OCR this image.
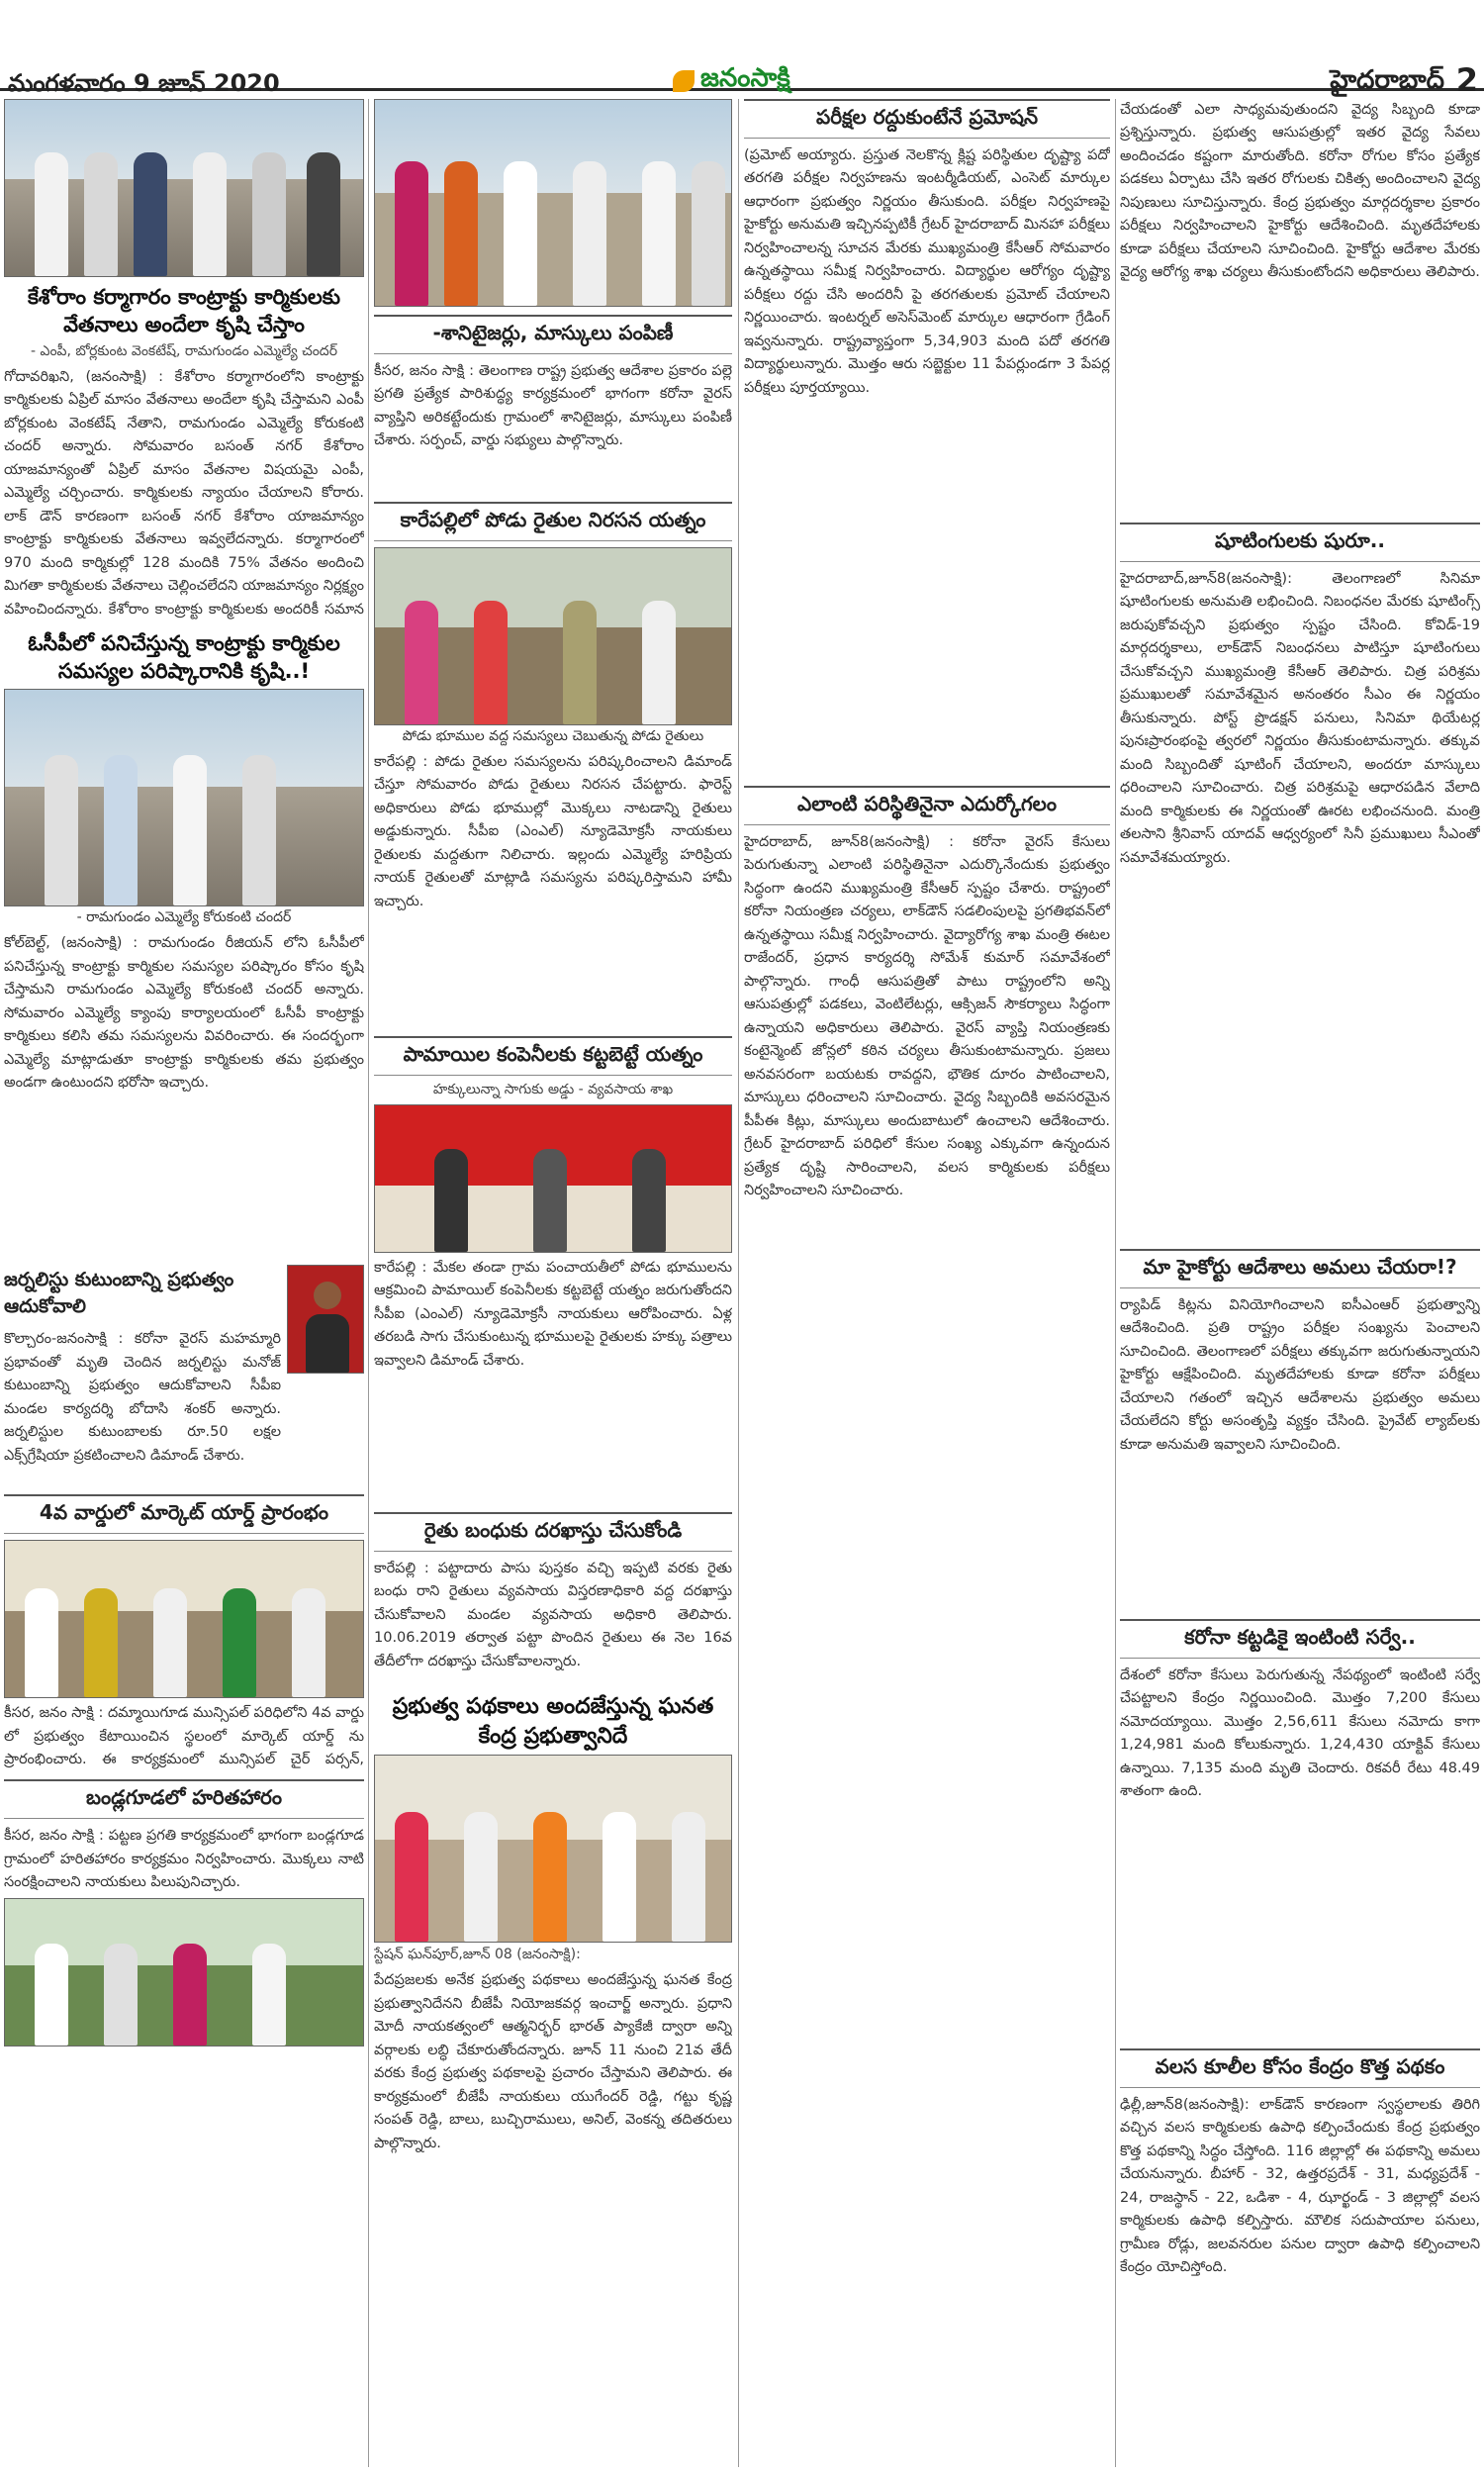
మంగళవారం 9 జూన్ 2020	జనంసాక్షి	హైదరాబాద్ 2
కేశోరాం కర్మాగారం కాంట్రాక్టు కార్మికులకు వేతనాలు అందేలా కృషి చేస్తాం
- ఎంపీ, బోర్లకుంట వెంకటేష్, రామగుండం ఎమ్మెల్యే చందర్
గోదావరిఖని, (జనంసాక్షి) : కేశోరాం కర్మాగారంలోని కాంట్రాక్టు కార్మికులకు ఏప్రిల్ మాసం వేతనాలు అందేలా కృషి చేస్తామని ఎంపీ బోర్లకుంట వెంకటేష్ నేతాని, రామగుండం ఎమ్మెల్యే కోరుకంటి చందర్ అన్నారు. సోమవారం బసంత్ నగర్ కేశోరాం యాజమాన్యంతో ఏప్రిల్ మాసం వేతనాల విషయమై ఎంపీ, ఎమ్మెల్యే చర్చించారు. కార్మికులకు న్యాయం చేయాలని కోరారు. లాక్ డౌన్ కారణంగా బసంత్ నగర్ కేశోరాం యాజమాన్యం కాంట్రాక్టు కార్మికులకు వేతనాలు ఇవ్వలేదన్నారు. కర్మాగారంలో 970 మంది కార్మికుల్లో 128 మందికి 75% వేతనం అందించి మిగతా కార్మికులకు వేతనాలు చెల్లించలేదని యాజమాన్యం నిర్లక్ష్యం వహించిందన్నారు. కేశోరాం కాంట్రాక్టు కార్మికులకు అందరికీ సమాన
ఓసీపీలో పనిచేస్తున్న కాంట్రాక్టు కార్మికుల సమస్యల పరిష్కారానికి కృషి..!
- రామగుండం ఎమ్మెల్యే కోరుకంటి చందర్
కోల్‌బెల్ట్, (జనంసాక్షి) : రామగుండం రీజియన్ లోని ఓసీపీలో పనిచేస్తున్న కాంట్రాక్టు కార్మికుల సమస్యల పరిష్కారం కోసం కృషి చేస్తామని రామగుండం ఎమ్మెల్యే కోరుకంటి చందర్ అన్నారు. సోమవారం ఎమ్మెల్యే క్యాంపు కార్యాలయంలో ఓసీపీ కాంట్రాక్టు కార్మికులు కలిసి తమ సమస్యలను వివరించారు. ఈ సందర్భంగా ఎమ్మెల్యే మాట్లాడుతూ కాంట్రాక్టు కార్మికులకు తమ ప్రభుత్వం అండగా ఉంటుందని భరోసా ఇచ్చారు.
జర్నలిస్టు కుటుంబాన్ని ప్రభుత్వం ఆదుకోవాలి
కొల్చారం-జనంసాక్షి : కరోనా వైరస్ మహమ్మారి ప్రభావంతో మృతి చెందిన జర్నలిస్టు మనోజ్ కుటుంబాన్ని ప్రభుత్వం ఆదుకోవాలని సీపీఐ మండల కార్యదర్శి బోదాసి శంకర్ అన్నారు. జర్నలిస్టుల కుటుంబాలకు రూ.50 లక్షల ఎక్స్‌గ్రేషియా ప్రకటించాలని డిమాండ్ చేశారు.
4వ వార్డులో మార్కెట్ యార్డ్ ప్రారంభం
కీసర, జనం సాక్షి : దమ్మాయిగూడ మున్సిపల్ పరిధిలోని 4వ వార్డు లో ప్రభుత్వం కేటాయించిన స్థలంలో మార్కెట్ యార్డ్ ను ప్రారంభించారు. ఈ కార్యక్రమంలో మున్సిపల్ చైర్ పర్సన్,
బండ్లగూడలో హరితహారం
కీసర, జనం సాక్షి : పట్టణ ప్రగతి కార్యక్రమంలో భాగంగా బండ్లగూడ గ్రామంలో హరితహారం కార్యక్రమం నిర్వహించారు. మొక్కలు నాటి సంరక్షించాలని నాయకులు పిలుపునిచ్చారు.
-శానిటైజర్లు, మాస్కులు పంపిణీ
కీసర, జనం సాక్షి : తెలంగాణ రాష్ట్ర ప్రభుత్వ ఆదేశాల ప్రకారం పల్లె ప్రగతి ప్రత్యేక పారిశుద్ధ్య కార్యక్రమంలో భాగంగా కరోనా వైరస్ వ్యాప్తిని అరికట్టేందుకు గ్రామంలో శానిటైజర్లు, మాస్కులు పంపిణీ చేశారు. సర్పంచ్, వార్డు సభ్యులు పాల్గొన్నారు.
కారేపల్లిలో పోడు రైతుల నిరసన యత్నం
పోడు భూముల వద్ద సమస్యలు చెబుతున్న పోడు రైతులు
కారేపల్లి : పోడు రైతుల సమస్యలను పరిష్కరించాలని డిమాండ్ చేస్తూ సోమవారం పోడు రైతులు నిరసన చేపట్టారు. ఫారెస్ట్ అధికారులు పోడు భూముల్లో మొక్కలు నాటడాన్ని రైతులు అడ్డుకున్నారు. సీపీఐ (ఎంఎల్) న్యూడెమోక్రసీ నాయకులు రైతులకు మద్దతుగా నిలిచారు. ఇల్లందు ఎమ్మెల్యే హరిప్రియ నాయక్ రైతులతో మాట్లాడి సమస్యను పరిష్కరిస్తామని హామీ ఇచ్చారు.
పామాయిల కంపెనీలకు కట్టబెట్టే యత్నం
హక్కులున్నా సాగుకు అడ్డు - వ్యవసాయ శాఖ
కారేపల్లి : మేకల తండా గ్రామ పంచాయతీలో పోడు భూములను ఆక్రమించి పామాయిల్ కంపెనీలకు కట్టబెట్టే యత్నం జరుగుతోందని సీపీఐ (ఎంఎల్) న్యూడెమోక్రసీ నాయకులు ఆరోపించారు. ఏళ్ల తరబడి సాగు చేసుకుంటున్న భూములపై రైతులకు హక్కు పత్రాలు ఇవ్వాలని డిమాండ్ చేశారు.
రైతు బంధుకు దరఖాస్తు చేసుకోండి
కారేపల్లి : పట్టాదారు పాసు పుస్తకం వచ్చి ఇప్పటి వరకు రైతు బంధు రాని రైతులు వ్యవసాయ విస్తరణాధికారి వద్ద దరఖాస్తు చేసుకోవాలని మండల వ్యవసాయ అధికారి తెలిపారు. 10.06.2019 తర్వాత పట్టా పొందిన రైతులు ఈ నెల 16వ తేదీలోగా దరఖాస్తు చేసుకోవాలన్నారు.
ప్రభుత్వ పథకాలు అందజేస్తున్న ఘనత కేంద్ర ప్రభుత్వానిదే
స్టేషన్ ఘన్‌పూర్,జూన్ 08 (జనంసాక్షి):
పేదప్రజలకు అనేక ప్రభుత్వ పథకాలు అందజేస్తున్న ఘనత కేంద్ర ప్రభుత్వానిదేనని బీజేపీ నియోజకవర్గ ఇంచార్జ్ అన్నారు. ప్రధాని మోదీ నాయకత్వంలో ఆత్మనిర్భర్ భారత్ ప్యాకేజీ ద్వారా అన్ని వర్గాలకు లబ్ధి చేకూరుతోందన్నారు. జూన్ 11 నుంచి 21వ తేదీ వరకు కేంద్ర ప్రభుత్వ పథకాలపై ప్రచారం చేస్తామని తెలిపారు. ఈ కార్యక్రమంలో బీజేపీ నాయకులు యుగేందర్ రెడ్డి, గట్టు కృష్ణ సంపత్ రెడ్డి, బాలు, బుచ్చిరాములు, అనిల్, వెంకన్న తదితరులు పాల్గొన్నారు.
పరీక్షల రద్దుకుంటేనే ప్రమోషన్
(ప్రమోట్ అయ్యారు. ప్రస్తుత నెలకొన్న క్లిష్ట పరిస్థితుల దృష్ట్యా పదో తరగతి పరీక్షల నిర్వహణను ఇంటర్మీడియట్, ఎంసెట్ మార్కుల ఆధారంగా ప్రభుత్వం నిర్ణయం తీసుకుంది. పరీక్షల నిర్వహణపై హైకోర్టు అనుమతి ఇచ్చినప్పటికీ గ్రేటర్ హైదరాబాద్ మినహా పరీక్షలు నిర్వహించాలన్న సూచన మేరకు ముఖ్యమంత్రి కేసీఆర్ సోమవారం ఉన్నతస్థాయి సమీక్ష నిర్వహించారు. విద్యార్థుల ఆరోగ్యం దృష్ట్యా పరీక్షలు రద్దు చేసి అందరినీ పై తరగతులకు ప్రమోట్ చేయాలని నిర్ణయించారు. ఇంటర్నల్ అసెస్‌మెంట్ మార్కుల ఆధారంగా గ్రేడింగ్ ఇవ్వనున్నారు. రాష్ట్రవ్యాప్తంగా 5,34,903 మంది పదో తరగతి విద్యార్థులున్నారు. మొత్తం ఆరు సబ్జెక్టుల 11 పేపర్లుండగా 3 పేపర్ల పరీక్షలు పూర్తయ్యాయి.
ఎలాంటి పరిస్థితినైనా ఎదుర్కోగలం
హైదరాబాద్, జూన్8(జనంసాక్షి) : కరోనా వైరస్ కేసులు పెరుగుతున్నా ఎలాంటి పరిస్థితినైనా ఎదుర్కొనేందుకు ప్రభుత్వం సిద్ధంగా ఉందని ముఖ్యమంత్రి కేసీఆర్ స్పష్టం చేశారు. రాష్ట్రంలో కరోనా నియంత్రణ చర్యలు, లాక్‌డౌన్ సడలింపులపై ప్రగతిభవన్‌లో ఉన్నతస్థాయి సమీక్ష నిర్వహించారు. వైద్యారోగ్య శాఖ మంత్రి ఈటల రాజేందర్, ప్రధాన కార్యదర్శి సోమేశ్ కుమార్ సమావేశంలో పాల్గొన్నారు. గాంధీ ఆసుపత్రితో పాటు రాష్ట్రంలోని అన్ని ఆసుపత్రుల్లో పడకలు, వెంటిలేటర్లు, ఆక్సిజన్ సౌకర్యాలు సిద్ధంగా ఉన్నాయని అధికారులు తెలిపారు. వైరస్ వ్యాప్తి నియంత్రణకు కంటైన్మెంట్ జోన్లలో కఠిన చర్యలు తీసుకుంటామన్నారు. ప్రజలు అనవసరంగా బయటకు రావద్దని, భౌతిక దూరం పాటించాలని, మాస్కులు ధరించాలని సూచించారు. వైద్య సిబ్బందికి అవసరమైన పీపీఈ కిట్లు, మాస్కులు అందుబాటులో ఉంచాలని ఆదేశించారు. గ్రేటర్ హైదరాబాద్ పరిధిలో కేసుల సంఖ్య ఎక్కువగా ఉన్నందున ప్రత్యేక దృష్టి సారించాలని, వలస కార్మికులకు పరీక్షలు నిర్వహించాలని సూచించారు.
చేయడంతో ఎలా సాధ్యమవుతుందని వైద్య సిబ్బంది కూడా ప్రశ్నిస్తున్నారు. ప్రభుత్వ ఆసుపత్రుల్లో ఇతర వైద్య సేవలు అందించడం కష్టంగా మారుతోంది. కరోనా రోగుల కోసం ప్రత్యేక పడకలు ఏర్పాటు చేసి ఇతర రోగులకు చికిత్స అందించాలని వైద్య నిపుణులు సూచిస్తున్నారు. కేంద్ర ప్రభుత్వం మార్గదర్శకాల ప్రకారం పరీక్షలు నిర్వహించాలని హైకోర్టు ఆదేశించింది. మృతదేహాలకు కూడా పరీక్షలు చేయాలని సూచించింది. హైకోర్టు ఆదేశాల మేరకు వైద్య ఆరోగ్య శాఖ చర్యలు తీసుకుంటోందని అధికారులు తెలిపారు.
షూటింగులకు షురూ..
హైదరాబాద్,జూన్8(జనంసాక్షి): తెలంగాణలో సినిమా షూటింగులకు అనుమతి లభించింది. నిబంధనల మేరకు షూటింగ్స్ జరుపుకోవచ్చని ప్రభుత్వం స్పష్టం చేసింది. కోవిడ్-19 మార్గదర్శకాలు, లాక్‌డౌన్ నిబంధనలు పాటిస్తూ షూటింగులు చేసుకోవచ్చని ముఖ్యమంత్రి కేసీఆర్ తెలిపారు. చిత్ర పరిశ్రమ ప్రముఖులతో సమావేశమైన అనంతరం సీఎం ఈ నిర్ణయం తీసుకున్నారు. పోస్ట్ ప్రొడక్షన్ పనులు, సినిమా థియేటర్ల పునఃప్రారంభంపై త్వరలో నిర్ణయం తీసుకుంటామన్నారు. తక్కువ మంది సిబ్బందితో షూటింగ్ చేయాలని, అందరూ మాస్కులు ధరించాలని సూచించారు. చిత్ర పరిశ్రమపై ఆధారపడిన వేలాది మంది కార్మికులకు ఈ నిర్ణయంతో ఊరట లభించనుంది. మంత్రి తలసాని శ్రీనివాస్ యాదవ్ ఆధ్వర్యంలో సినీ ప్రముఖులు సీఎంతో సమావేశమయ్యారు.
మా హైకోర్టు ఆదేశాలు అమలు చేయరా!?
ర్యాపిడ్ కిట్లను వినియోగించాలని ఐసీఎంఆర్ ప్రభుత్వాన్ని ఆదేశించింది. ప్రతి రాష్ట్రం పరీక్షల సంఖ్యను పెంచాలని సూచించింది. తెలంగాణలో పరీక్షలు తక్కువగా జరుగుతున్నాయని హైకోర్టు ఆక్షేపించింది. మృతదేహాలకు కూడా కరోనా పరీక్షలు చేయాలని గతంలో ఇచ్చిన ఆదేశాలను ప్రభుత్వం అమలు చేయలేదని కోర్టు అసంతృప్తి వ్యక్తం చేసింది. ప్రైవేట్ ల్యాబ్‌లకు కూడా అనుమతి ఇవ్వాలని సూచించింది.
కరోనా కట్టడికై ఇంటింటి సర్వే..
దేశంలో కరోనా కేసులు పెరుగుతున్న నేపథ్యంలో ఇంటింటి సర్వే చేపట్టాలని కేంద్రం నిర్ణయించింది. మొత్తం 7,200 కేసులు నమోదయ్యాయి. మొత్తం 2,56,611 కేసులు నమోదు కాగా 1,24,981 మంది కోలుకున్నారు. 1,24,430 యాక్టివ్ కేసులు ఉన్నాయి. 7,135 మంది మృతి చెందారు. రికవరీ రేటు 48.49 శాతంగా ఉంది.
వలస కూలీల కోసం కేంద్రం కొత్త పథకం
ఢిల్లీ,జూన్8(జనంసాక్షి): లాక్‌డౌన్ కారణంగా స్వస్థలాలకు తిరిగి వచ్చిన వలస కార్మికులకు ఉపాధి కల్పించేందుకు కేంద్ర ప్రభుత్వం కొత్త పథకాన్ని సిద్ధం చేస్తోంది. 116 జిల్లాల్లో ఈ పథకాన్ని అమలు చేయనున్నారు. బీహార్ - 32, ఉత్తరప్రదేశ్ - 31, మధ్యప్రదేశ్ - 24, రాజస్థాన్ - 22, ఒడిశా - 4, ఝార్ఖండ్ - 3 జిల్లాల్లో వలస కార్మికులకు ఉపాధి కల్పిస్తారు. మౌలిక సదుపాయాల పనులు, గ్రామీణ రోడ్లు, జలవనరుల పనుల ద్వారా ఉపాధి కల్పించాలని కేంద్రం యోచిస్తోంది.
